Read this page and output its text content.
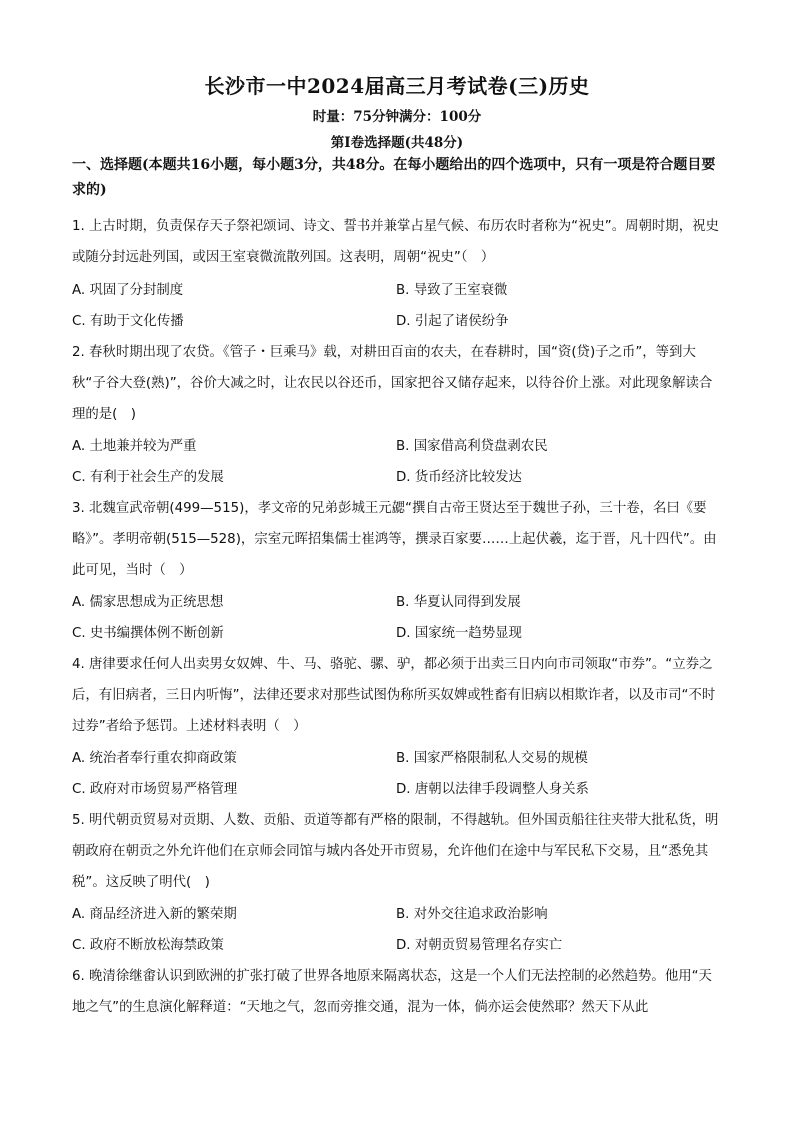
长沙市一中2024届高三月考试卷(三)历史
时量：75分钟满分：100分
第Ⅰ卷选择题(共48分)
一、选择题(本题共16小题，每小题3分，共48分。在每小题给出的四个选项中，只有一项是符合题目要求的)
1. 上古时期，负责保存天子祭祀颂词、诗文、誓书并兼掌占星气候、布历农时者称为“祝史”。周朝时期，祝史或随分封远赴列国，或因王室衰微流散列国。这表明，周朝“祝史”（　）
A. 巩固了分封制度	B. 导致了王室衰微
C. 有助于文化传播	D. 引起了诸侯纷争
2. 春秋时期出现了农贷。《管子・巨乘马》载，对耕田百亩的农夫，在春耕时，国“资(贷)子之币”，等到大秋“子谷大登(熟)”，谷价大减之时，让农民以谷还币，国家把谷又储存起来，以待谷价上涨。对此现象解读合理的是(　)
A. 土地兼并较为严重	B. 国家借高利贷盘剥农民
C. 有利于社会生产的发展	D. 货币经济比较发达
3. 北魏宣武帝朝(499—515)，孝文帝的兄弟彭城王元勰“撰自古帝王贤达至于魏世子孙，三十卷，名曰《要略》”。孝明帝朝(515—528)，宗室元晖招集儒士崔鸿等，撰录百家要……上起伏羲，迄于晋，凡十四代”。由此可见，当时（　）
A. 儒家思想成为正统思想	B. 华夏认同得到发展
C. 史书编撰体例不断创新	D. 国家统一趋势显现
4. 唐律要求任何人出卖男女奴婢、牛、马、骆驼、骡、驴，都必须于出卖三日内向市司领取“市券”。“立券之后，有旧病者，三日内听悔”，法律还要求对那些试图伪称所买奴婢或牲畜有旧病以相欺诈者，以及市司“不时过券”者给予惩罚。上述材料表明（　）
A. 统治者奉行重农抑商政策	B. 国家严格限制私人交易的规模
C. 政府对市场贸易严格管理	D. 唐朝以法律手段调整人身关系
5. 明代朝贡贸易对贡期、人数、贡船、贡道等都有严格的限制，不得越轨。但外国贡船往往夹带大批私货，明朝政府在朝贡之外允许他们在京师会同馆与城内各处开市贸易，允许他们在途中与军民私下交易，且“悉免其税”。这反映了明代(　)
A. 商品经济进入新的繁荣期	B. 对外交往追求政治影响
C. 政府不断放松海禁政策	D. 对朝贡贸易管理名存实亡
6. 晚清徐继畬认识到欧洲的扩张打破了世界各地原来隔离状态，这是一个人们无法控制的必然趋势。他用“天地之气”的生息演化解释道：“天地之气，忽而旁推交通，混为一体，倘亦运会使然耶？然天下从此
